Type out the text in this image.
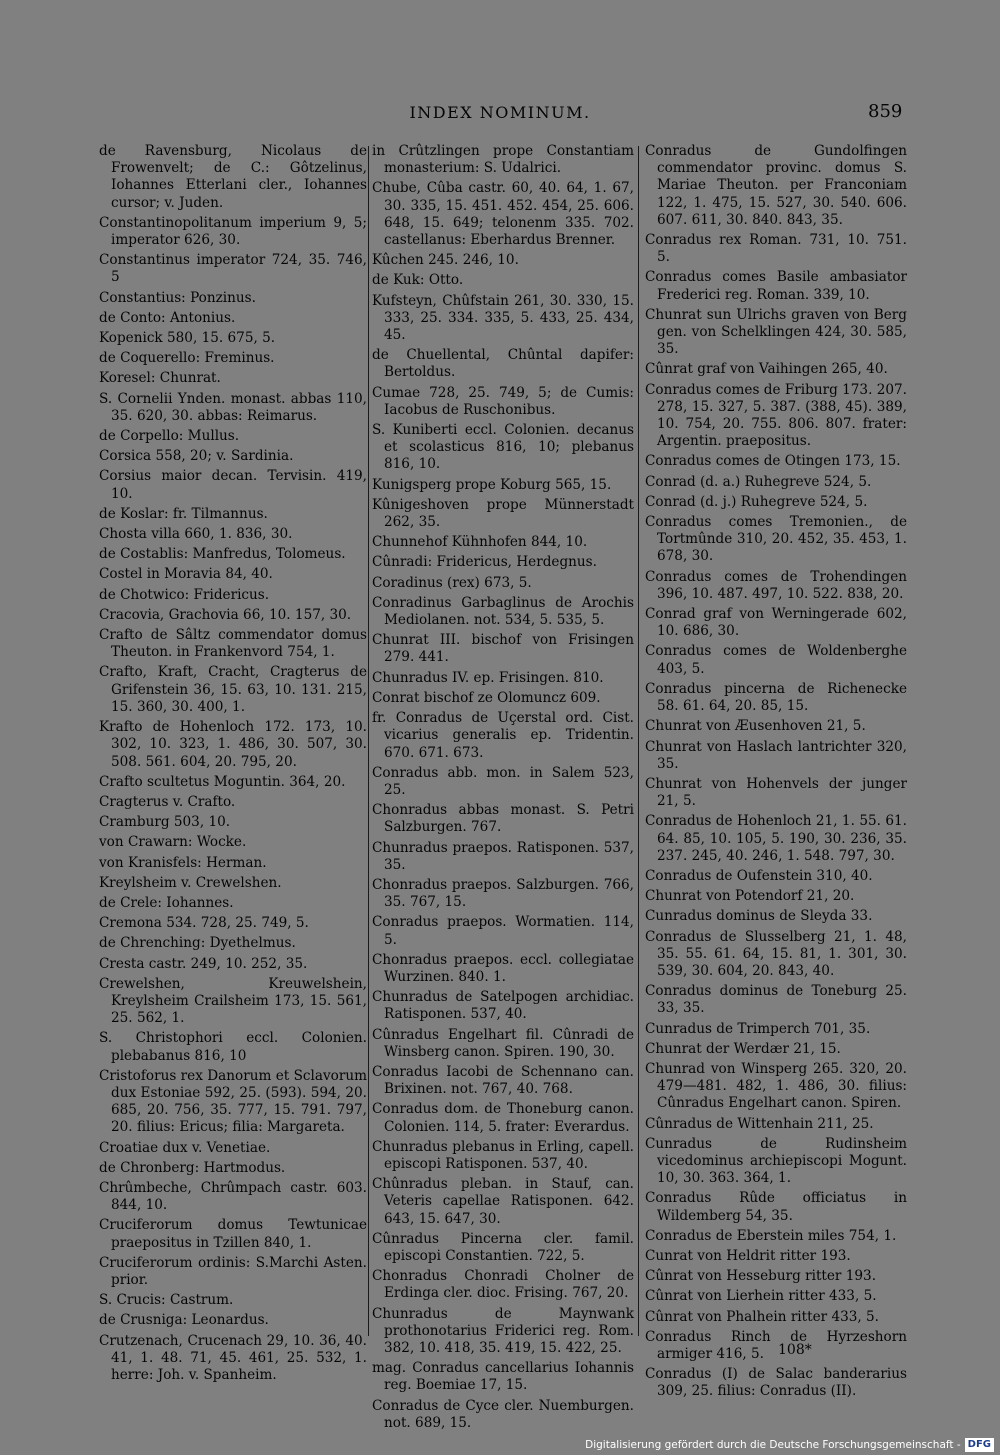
INDEX NOMINUM.	859
de Ravensburg, Nicolaus de Frowenvelt; de C.: Gôtzelinus, Iohannes Etterlani cler., Iohannes cursor; v. Juden.
Constantinopolitanum imperium 9, 5; imperator 626, 30.
Constantinus imperator 724, 35. 746, 5
Constantius: Ponzinus.
de Conto: Antonius.
Kopenick 580, 15. 675, 5.
de Coquerello: Freminus.
Koresel: Chunrat.
S. Cornelii Ynden. monast. abbas 110, 35. 620, 30. abbas: Reimarus.
de Corpello: Mullus.
Corsica 558, 20; v. Sardinia.
Corsius maior decan. Tervisin. 419, 10.
de Koslar: fr. Tilmannus.
Chosta villa 660, 1. 836, 30.
de Costablis: Manfredus, Tolomeus.
Costel in Moravia 84, 40.
de Chotwico: Fridericus.
Cracovia, Grachovia 66, 10. 157, 30.
Crafto de Sâltz commendator domus Theuton. in Frankenvord 754, 1.
Crafto, Kraft, Cracht, Cragterus de Grifenstein 36, 15. 63, 10. 131. 215, 15. 360, 30. 400, 1.
Krafto de Hohenloch 172. 173, 10. 302, 10. 323, 1. 486, 30. 507, 30. 508. 561. 604, 20. 795, 20.
Crafto scultetus Moguntin. 364, 20.
Cragterus v. Crafto.
Cramburg 503, 10.
von Crawarn: Wocke.
von Kranisfels: Herman.
Kreylsheim v. Crewelshen.
de Crele: Iohannes.
Cremona 534. 728, 25. 749, 5.
de Chrenching: Dyethelmus.
Cresta castr. 249, 10. 252, 35.
Crewelshen, Kreuwelshein, Kreylsheim Crailsheim 173, 15. 561, 25. 562, 1.
S. Christophori eccl. Colonien. plebabanus 816, 10
Cristoforus rex Danorum et Sclavorum dux Estoniae 592, 25. (593). 594, 20. 685, 20. 756, 35. 777, 15. 791. 797, 20. filius: Ericus; filia: Margareta.
Croatiae dux v. Venetiae.
de Chronberg: Hartmodus.
Chrûmbeche, Chrûmpach castr. 603. 844, 10.
Cruciferorum domus Tewtunicae praepositus in Tzillen 840, 1.
Cruciferorum ordinis: S.Marchi Asten. prior.
S. Crucis: Castrum.
de Crusniga: Leonardus.
Crutzenach, Crucenach 29, 10. 36, 40. 41, 1. 48. 71, 45. 461, 25. 532, 1. herre: Joh. v. Spanheim.
in Crûtzlingen prope Constantiam monasterium: S. Udalrici.
Chube, Cûba castr. 60, 40. 64, 1. 67, 30. 335, 15. 451. 452. 454, 25. 606. 648, 15. 649; telonenm 335. 702. castellanus: Eberhardus Brenner.
Kûchen 245. 246, 10.
de Kuk: Otto.
Kufsteyn, Chûfstain 261, 30. 330, 15. 333, 25. 334. 335, 5. 433, 25. 434, 45.
de Chuellental, Chûntal dapifer: Bertoldus.
Cumae 728, 25. 749, 5; de Cumis: Iacobus de Ruschonibus.
S. Kuniberti eccl. Colonien. decanus et scolasticus 816, 10; plebanus 816, 10.
Kunigsperg prope Koburg 565, 15.
Kûnigeshoven prope Münnerstadt 262, 35.
Chunnehof Kühnhofen 844, 10.
Cûnradi: Fridericus, Herdegnus.
Coradinus (rex) 673, 5.
Conradinus Garbaglinus de Arochis Mediolanen. not. 534, 5. 535, 5.
Chunrat III. bischof von Frisingen 279. 441.
Chunradus IV. ep. Frisingen. 810.
Conrat bischof ze Olomuncz 609.
fr. Conradus de Uçerstal ord. Cist. vicarius generalis ep. Tridentin. 670. 671. 673.
Conradus abb. mon. in Salem 523, 25.
Chonradus abbas monast. S. Petri Salzburgen. 767.
Chunradus praepos. Ratisponen. 537, 35.
Chonradus praepos. Salzburgen. 766, 35. 767, 15.
Conradus praepos. Wormatien. 114, 5.
Chonradus praepos. eccl. collegiatae Wurzinen. 840. 1.
Chunradus de Satelpogen archidiac. Ratisponen. 537, 40.
Cûnradus Engelhart fil. Cûnradi de Winsberg canon. Spiren. 190, 30.
Conradus Iacobi de Schennano can. Brixinen. not. 767, 40. 768.
Conradus dom. de Thoneburg canon. Colonien. 114, 5. frater: Everardus.
Chunradus plebanus in Erling, capell. episcopi Ratisponen. 537, 40.
Chûnradus pleban. in Stauf, can. Veteris capellae Ratisponen. 642. 643, 15. 647, 30.
Cûnradus Pincerna cler. famil. episcopi Constantien. 722, 5.
Chonradus Chonradi Cholner de Erdinga cler. dioc. Frising. 767, 20.
Chunradus de Maynwank prothonotarius Friderici reg. Rom. 382, 10. 418, 35. 419, 15. 422, 25.
mag. Conradus cancellarius Iohannis reg. Boemiae 17, 15.
Conradus de Cyce cler. Nuemburgen. not. 689, 15.
Conradus de Gundolfingen commendator provinc. domus S. Mariae Theuton. per Franconiam 122, 1. 475, 15. 527, 30. 540. 606. 607. 611, 30. 840. 843, 35.
Conradus rex Roman. 731, 10. 751. 5.
Conradus comes Basile ambasiator Frederici reg. Roman. 339, 10.
Chunrat sun Ulrichs graven von Berg gen. von Schelklingen 424, 30. 585, 35.
Cûnrat graf von Vaihingen 265, 40.
Conradus comes de Friburg 173. 207. 278, 15. 327, 5. 387. (388, 45). 389, 10. 754, 20. 755. 806. 807. frater: Argentin. praepositus.
Conradus comes de Otingen 173, 15.
Conrad (d. a.) Ruhegreve 524, 5.
Conrad (d. j.) Ruhegreve 524, 5.
Conradus comes Tremonien., de Tortmûnde 310, 20. 452, 35. 453, 1. 678, 30.
Conradus comes de Trohendingen 396, 10. 487. 497, 10. 522. 838, 20.
Conrad graf von Werningerade 602, 10. 686, 30.
Conradus comes de Woldenberghe 403, 5.
Conradus pincerna de Richenecke 58. 61. 64, 20. 85, 15.
Chunrat von Æusenhoven 21, 5.
Chunrat von Haslach lantrichter 320, 35.
Chunrat von Hohenvels der junger 21, 5.
Conradus de Hohenloch 21, 1. 55. 61. 64. 85, 10. 105, 5. 190, 30. 236, 35. 237. 245, 40. 246, 1. 548. 797, 30.
Conradus de Oufenstein 310, 40.
Chunrat von Potendorf 21, 20.
Cunradus dominus de Sleyda 33.
Conradus de Slusselberg 21, 1. 48, 35. 55. 61. 64, 15. 81, 1. 301, 30. 539, 30. 604, 20. 843, 40.
Conradus dominus de Toneburg 25. 33, 35.
Cunradus de Trimperch 701, 35.
Chunrat der Werdær 21, 15.
Chunrad von Winsperg 265. 320, 20. 479—481. 482, 1. 486, 30. filius: Cûnradus Engelhart canon. Spiren.
Cûnradus de Wittenhain 211, 25.
Cunradus de Rudinsheim vicedominus archiepiscopi Mogunt. 10, 30. 363. 364, 1.
Conradus Rûde officiatus in Wildemberg 54, 35.
Conradus de Eberstein miles 754, 1.
Cunrat von Heldrit ritter 193.
Cûnrat von Hesseburg ritter 193.
Cûnrat von Lierhein ritter 433, 5.
Cûnrat von Phalhein ritter 433, 5.
Conradus Rinch de Hyrzeshorn armiger 416, 5.
Conradus (I) de Salac banderarius 309, 25. filius: Conradus (II).
108*
Digitalisierung gefördert durch die Deutsche Forschungsgemeinschaft - DFG
